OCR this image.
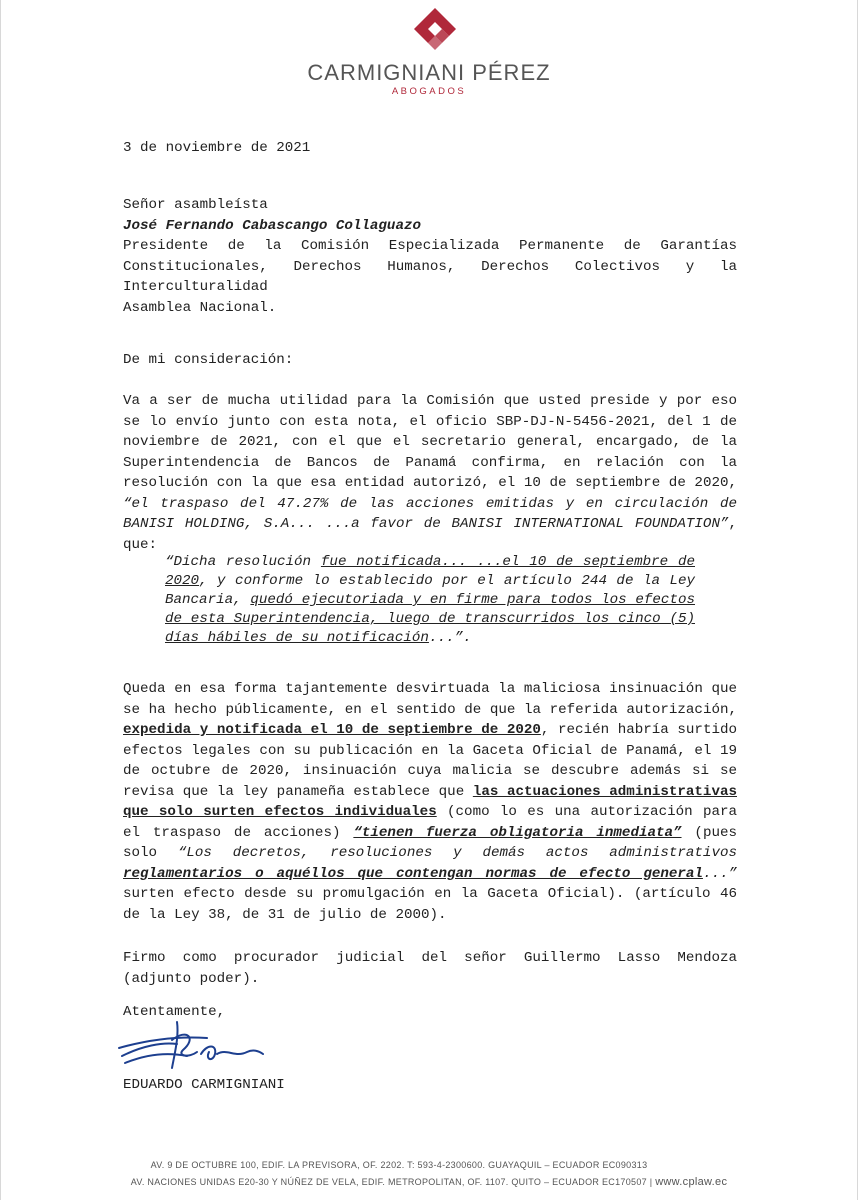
CARMIGNIANI PÉREZ
ABOGADOS
3 de noviembre de 2021
Señor asambleísta
José Fernando Cabascango Collaguazo
Presidente de la Comisión Especializada Permanente de Garantías Constitucionales, Derechos Humanos, Derechos Colectivos y la Interculturalidad
Asamblea Nacional.
De mi consideración:
Va a ser de mucha utilidad para la Comisión que usted preside y por eso se lo envío junto con esta nota, el oficio SBP-DJ-N-5456-2021, del 1 de noviembre de 2021, con el que el secretario general, encargado, de la Superintendencia de Bancos de Panamá confirma, en relación con la resolución con la que esa entidad autorizó, el 10 de septiembre de 2020, “el traspaso del 47.27% de las acciones emitidas y en circulación de BANISI HOLDING, S.A... ...a favor de BANISI INTERNATIONAL FOUNDATION”, que:
“Dicha resolución fue notificada... ...el 10 de septiembre de 2020, y conforme lo establecido por el artículo 244 de la Ley Bancaria, quedó ejecutoriada y en firme para todos los efectos de esta Superintendencia, luego de transcurridos los cinco (5) días hábiles de su notificación...”.
Queda en esa forma tajantemente desvirtuada la maliciosa insinuación que se ha hecho públicamente, en el sentido de que la referida autorización, expedida y notificada el 10 de septiembre de 2020, recién habría surtido efectos legales con su publicación en la Gaceta Oficial de Panamá, el 19 de octubre de 2020, insinuación cuya malicia se descubre además si se revisa que la ley panameña establece que las actuaciones administrativas que solo surten efectos individuales (como lo es una autorización para el traspaso de acciones) “tienen fuerza obligatoria inmediata” (pues solo “Los decretos, resoluciones y demás actos administrativos reglamentarios o aquéllos que contengan normas de efecto general...” surten efecto desde su promulgación en la Gaceta Oficial). (artículo 46 de la Ley 38, de 31 de julio de 2000).
Firmo como procurador judicial del señor Guillermo Lasso Mendoza (adjunto poder).
Atentamente,
EDUARDO CARMIGNIANI
AV. 9 DE OCTUBRE 100, EDIF. LA PREVISORA, OF. 2202. T: 593-4-2300600. GUAYAQUIL – ECUADOR EC090313
AV. NACIONES UNIDAS E20-30 Y NÚÑEZ DE VELA, EDIF. METROPOLITAN, OF. 1107. QUITO – ECUADOR EC170507 | www.cplaw.ec
